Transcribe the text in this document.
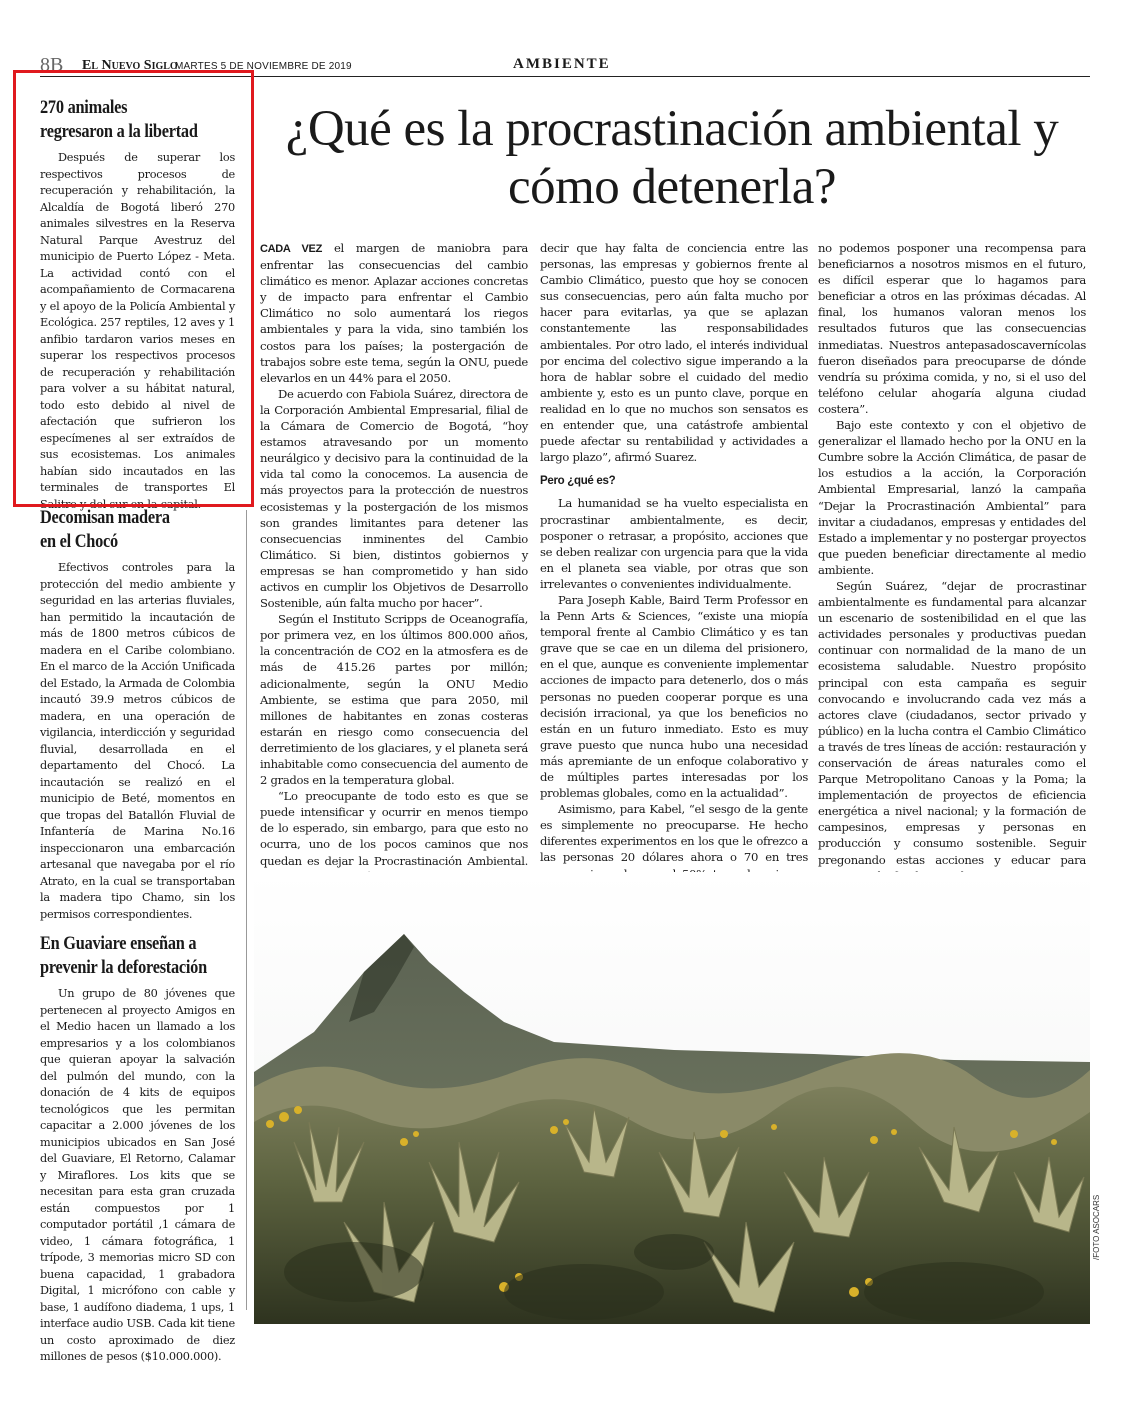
8B El Nuevo Siglo
MARTES 5 DE NOVIEMBRE DE 2019	AMBIENTE
270 animales
regresaron a la libertad

Después de superar los respectivos procesos de recuperación y rehabilitación, la Alcaldía de Bogotá liberó 270 animales silvestres en la Reserva Natural Parque Avestruz del municipio de Puerto López - Meta. La actividad contó con el acompañamiento de Cormacarena y el apoyo de la Policía Ambiental y Ecológica. 257 reptiles, 12 aves y 1 anfibio tardaron varios meses en superar los respectivos procesos de recuperación y rehabilitación para volver a su hábitat natural, todo esto debido al nivel de afectación que sufrieron los especímenes al ser extraídos de sus ecosistemas. Los animales habían sido incautados en las terminales de transportes El Salitre y del sur en la capital.

Decomisan madera
en el Chocó

Efectivos controles para la protección del medio ambiente y seguridad en las arterias fluviales, han permitido la incautación de más de 1800 metros cúbicos de madera en el Caribe colombiano. En el marco de la Acción Unificada del Estado, la Armada de Colombia incautó 39.9 metros cúbicos de madera, en una operación de vigilancia, interdicción y seguridad fluvial, desarrollada en el departamento del Chocó. La incautación se realizó en el municipio de Beté, momentos en que tropas del Batallón Fluvial de Infantería de Marina No.16 inspeccionaron una embarcación artesanal que navegaba por el río Atrato, en la cual se transportaban la madera tipo Chamo, sin los permisos correspondientes.

En Guaviare enseñan a
prevenir la deforestación

Un grupo de 80 jóvenes que pertenecen al proyecto Amigos en el Medio hacen un llamado a los empresarios y a los colombianos que quieran apoyar la salvación del pulmón del mundo, con la donación de 4 kits de equipos tecnológicos que les permitan capacitar a 2.000 jóvenes de los municipios ubicados en San José del Guaviare, El Retorno, Calamar y Miraflores. Los kits que se necesitan para esta gran cruzada están compuestos por 1 computador portátil ,1 cámara de video, 1 cámara fotográfica, 1 trípode, 3 memorias micro SD con buena capacidad, 1 grabadora Digital, 1 micrófono con cable y base, 1 audífono diadema, 1 ups, 1 interface audio USB. Cada kit tiene un costo aproximado de diez millones de pesos ($10.000.000).

¿Qué es la procrastinación ambiental y cómo detenerla?

CADA VEZ el margen de maniobra para enfrentar las consecuencias del cambio climático es menor. Aplazar acciones concretas y de impacto para enfrentar el Cambio Climático no solo aumentará los riegos ambientales y para la vida, sino también los costos para los países; la postergación de trabajos sobre este tema, según la ONU, puede elevarlos en un 44% para el 2050.

De acuerdo con Fabiola Suárez, directora de la Corporación Ambiental Empresarial, filial de la Cámara de Comercio de Bogotá, “hoy estamos atravesando por un momento neurálgico y decisivo para la continuidad de la vida tal como la conocemos. La ausencia de más proyectos para la protección de nuestros ecosistemas y la postergación de los mismos son grandes limitantes para detener las consecuencias inminentes del Cambio Climático. Si bien, distintos gobiernos y empresas se han comprometido y han sido activos en cumplir los Objetivos de Desarrollo Sostenible, aún falta mucho por hacer”.

Según el Instituto Scripps de Oceanografía, por primera vez, en los últimos 800.000 años, la concentración de CO2 en la atmosfera es de más de 415.26 partes por millón; adicionalmente, según la ONU Medio Ambiente, se estima que para 2050, mil millones de habitantes en zonas costeras estarán en riesgo como consecuencia del derretimiento de los glaciares, y el planeta será inhabitable como consecuencia del aumento de 2 grados en la temperatura global.

“Lo preocupante de todo esto es que se puede intensificar y ocurrir en menos tiempo de lo esperado, sin embargo, para que esto no ocurra, uno de los pocos caminos que nos quedan es dejar la Procrastinación Ambiental.

decir que hay falta de conciencia entre las personas, las empresas y gobiernos frente al Cambio Climático, puesto que hoy se conocen sus consecuencias, pero aún falta mucho por hacer para evitarlas, ya que se aplazan constantemente las responsabilidades ambientales. Por otro lado, el interés individual por encima del colectivo sigue imperando a la hora de hablar sobre el cuidado del medio ambiente y, esto es un punto clave, porque en realidad en lo que no muchos son sensatos es en entender que, una catástrofe ambiental puede afectar su rentabilidad y actividades a largo plazo”, afirmó Suarez.

Pero ¿qué es?

La humanidad se ha vuelto especialista en procrastinar ambientalmente, es decir, posponer o retrasar, a propósito, acciones que se deben realizar con urgencia para que la vida en el planeta sea viable, por otras que son irrelevantes o convenientes individualmente.

Para Joseph Kable, Baird Term Professor en la Penn Arts & Sciences, “existe una miopía temporal frente al Cambio Climático y es tan grave que se cae en un dilema del prisionero, en el que, aunque es conveniente implementar acciones de impacto para detenerlo, dos o más personas no pueden cooperar porque es una decisión irracional, ya que los beneficios no están en un futuro inmediato. Esto es muy grave puesto que nunca hubo una necesidad más apremiante de un enfoque colaborativo y de múltiples partes interesadas por los problemas globales, como en la actualidad”.

Asimismo, para Kabel, “el sesgo de la gente es simplemente no preocuparse. He hecho diferentes experimentos en los que le ofrezco a las personas 20 dólares ahora o 70 en tres

no podemos posponer una recompensa para beneficiarnos a nosotros mismos en el futuro, es difícil esperar que lo hagamos para beneficiar a otros en las próximas décadas. Al final, los humanos valoran menos los resultados futuros que las consecuencias inmediatas. Nuestros antepasadoscavernícolas fueron diseñados para preocuparse de dónde vendría su próxima comida, y no, si el uso del teléfono celular ahogaría alguna ciudad costera”.

Bajo este contexto y con el objetivo de generalizar el llamado hecho por la ONU en la Cumbre sobre la Acción Climática, de pasar de los estudios a la acción, la Corporación Ambiental Empresarial, lanzó la campaña “Dejar la Procrastinación Ambiental” para invitar a ciudadanos, empresas y entidades del Estado a implementar y no postergar proyectos que pueden beneficiar directamente al medio ambiente.

Según Suárez, “dejar de procrastinar ambientalmente es fundamental para alcanzar un escenario de sostenibilidad en el que las actividades personales y productivas puedan continuar con normalidad de la mano de un ecosistema saludable. Nuestro propósito principal con esta campaña es seguir convocando e involucrando cada vez más a actores clave (ciudadanos, sector privado y público) en la lucha contra el Cambio Climático a través de tres líneas de acción: restauración y conservación de áreas naturales como el Parque Metropolitano Canoas y la Poma; la implementación de proyectos de eficiencia energética a nivel nacional; y la formación de campesinos, empresas y personas en producción y consumo sostenible. Seguir pregonando estas acciones y educar para

/FOTO ASOCARS
